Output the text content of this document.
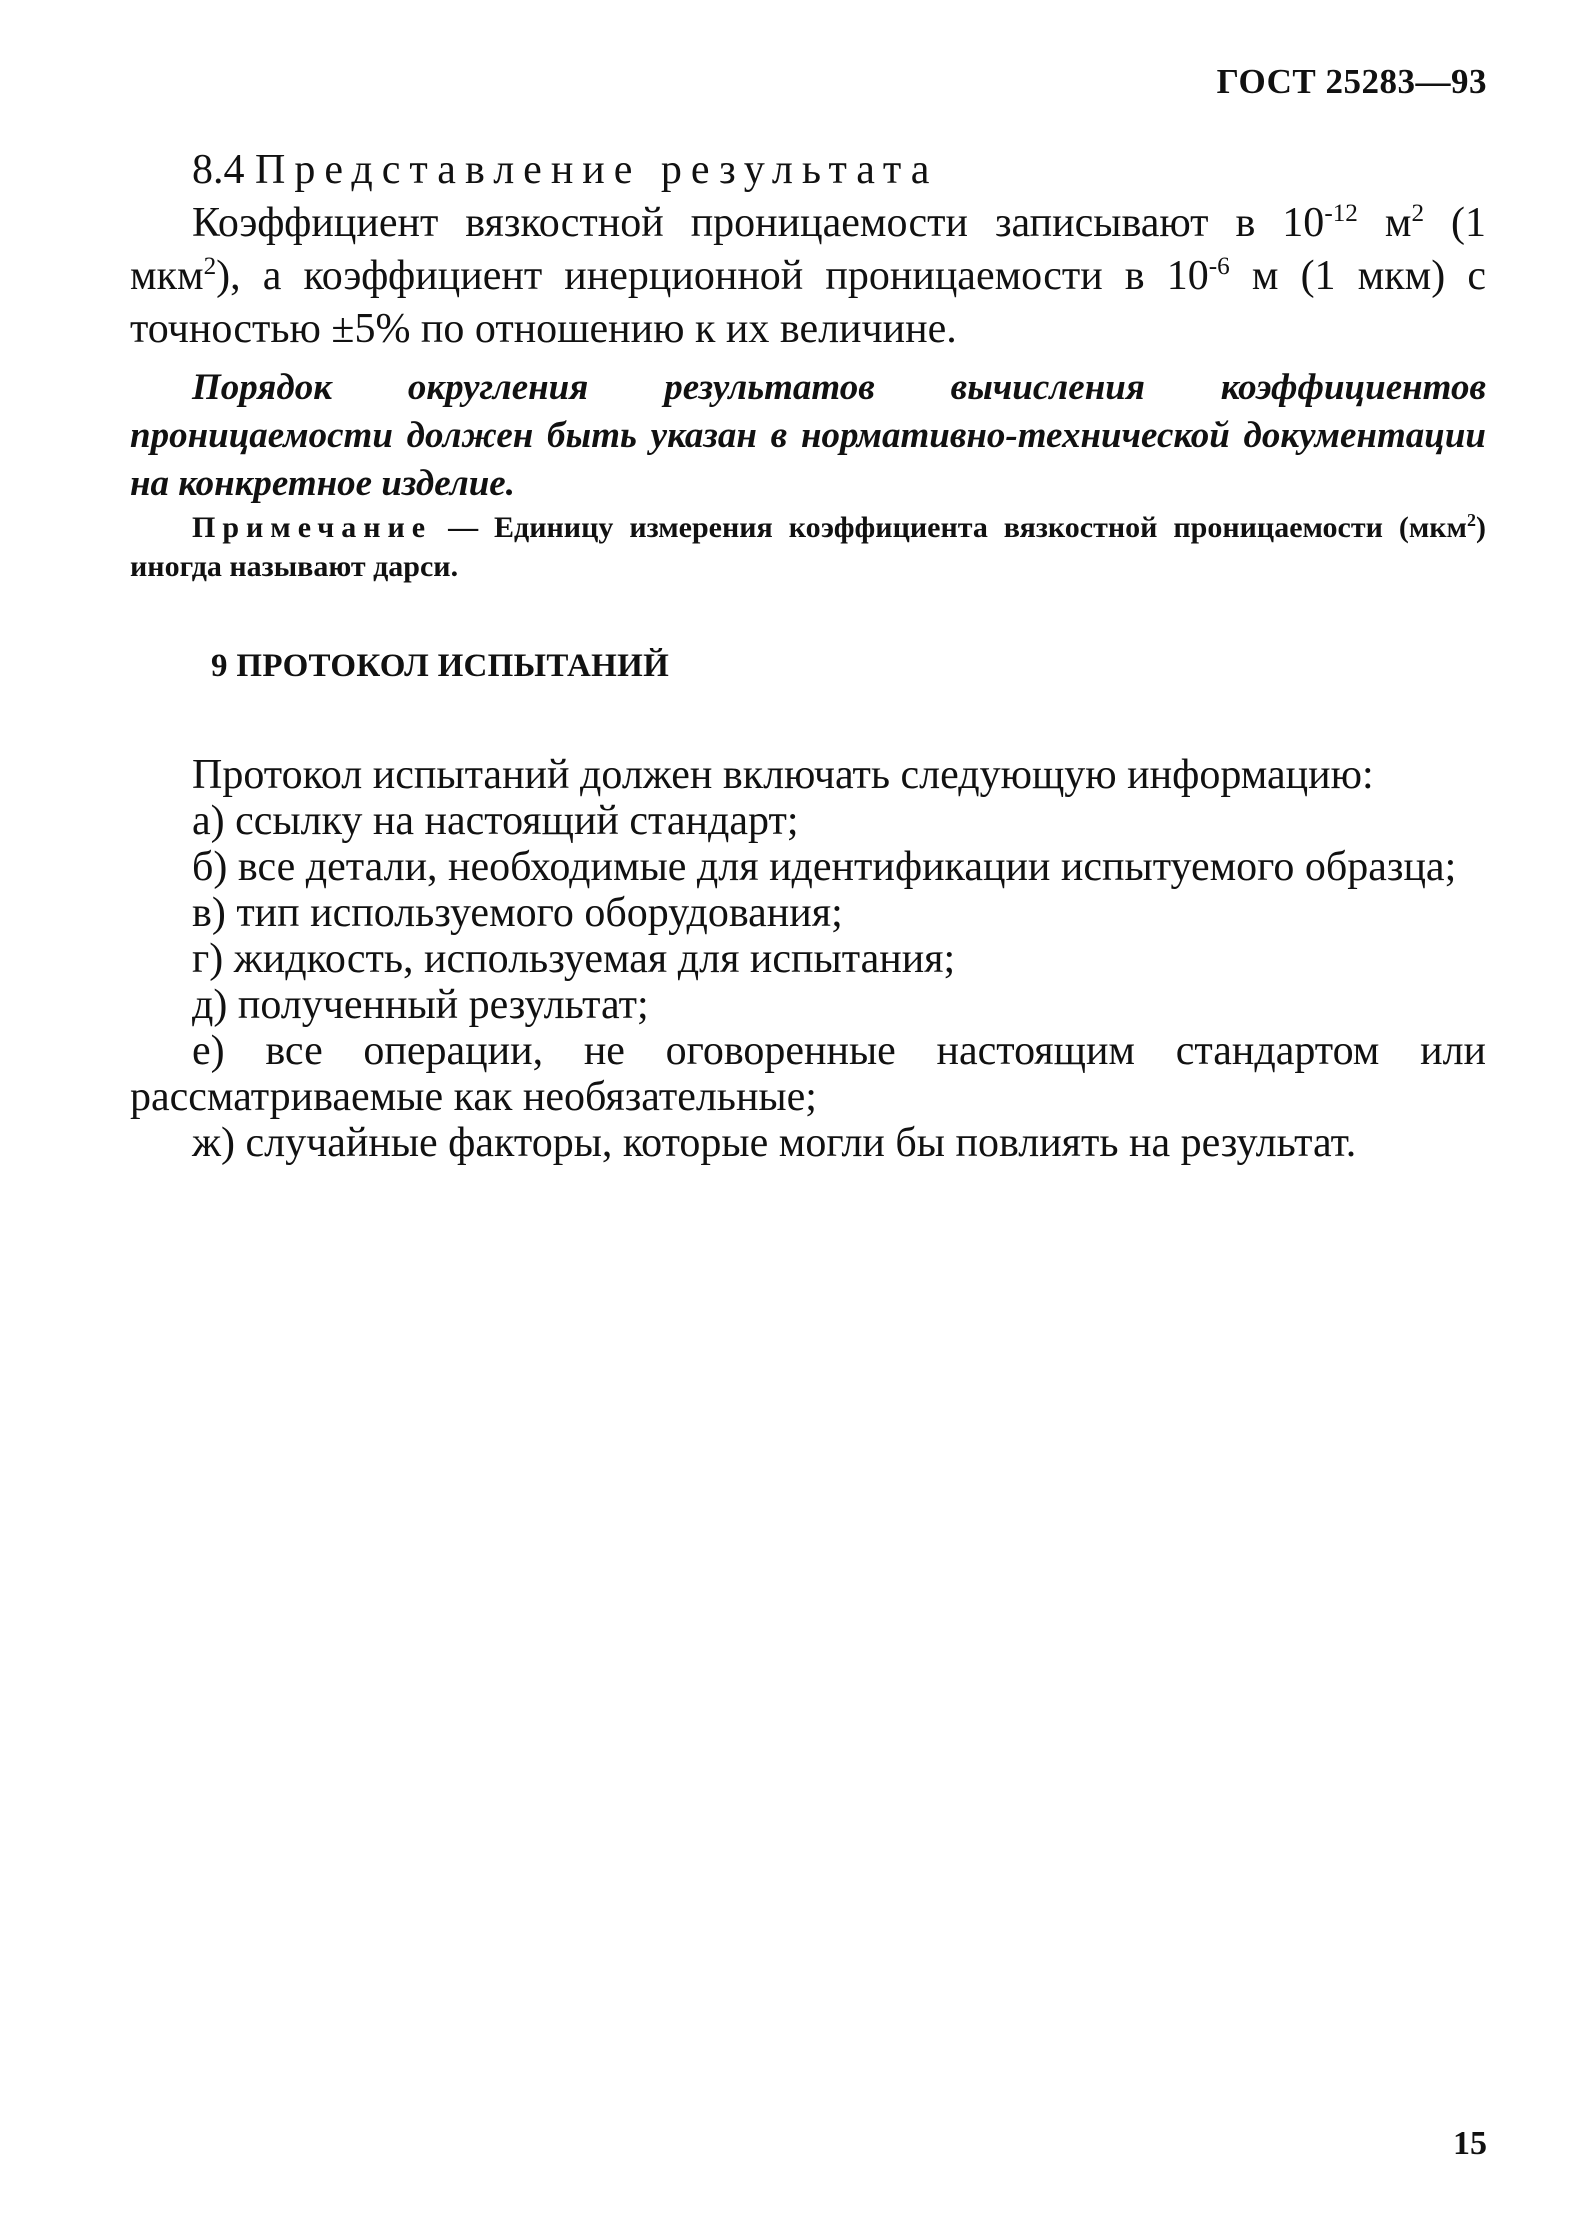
ГОСТ 25283—93
8.4 Представление результата

Коэффициент вязкостной проницаемости записывают в $10^{-12}$ $м^2$ (1 мкм$^2$), а коэффициент инерционной проницаемости в $10^{-6}$ м (1 мкм) с точностью ±5% по отношению к их величине.

Порядок округления результатов вычисления коэффициентов проницаемости должен быть указан в нормативно-технической документации на конкретное изделие.

Примечание — Единицу измерения коэффициента вязкостной проницаемости (мкм$^2$) иногда называют дарси.
9 ПРОТОКОЛ ИСПЫТАНИЙ

Протокол испытаний должен включать следующую информацию:

а) ссылку на настоящий стандарт;

б) все детали, необходимые для идентификации испытуемого образца;

в) тип используемого оборудования;

г) жидкость, используемая для испытания;

д) полученный результат;

е) все операции, не оговоренные настоящим стандартом или рассматриваемые как необязательные;

ж) случайные факторы, которые могли бы повлиять на результат.

15
